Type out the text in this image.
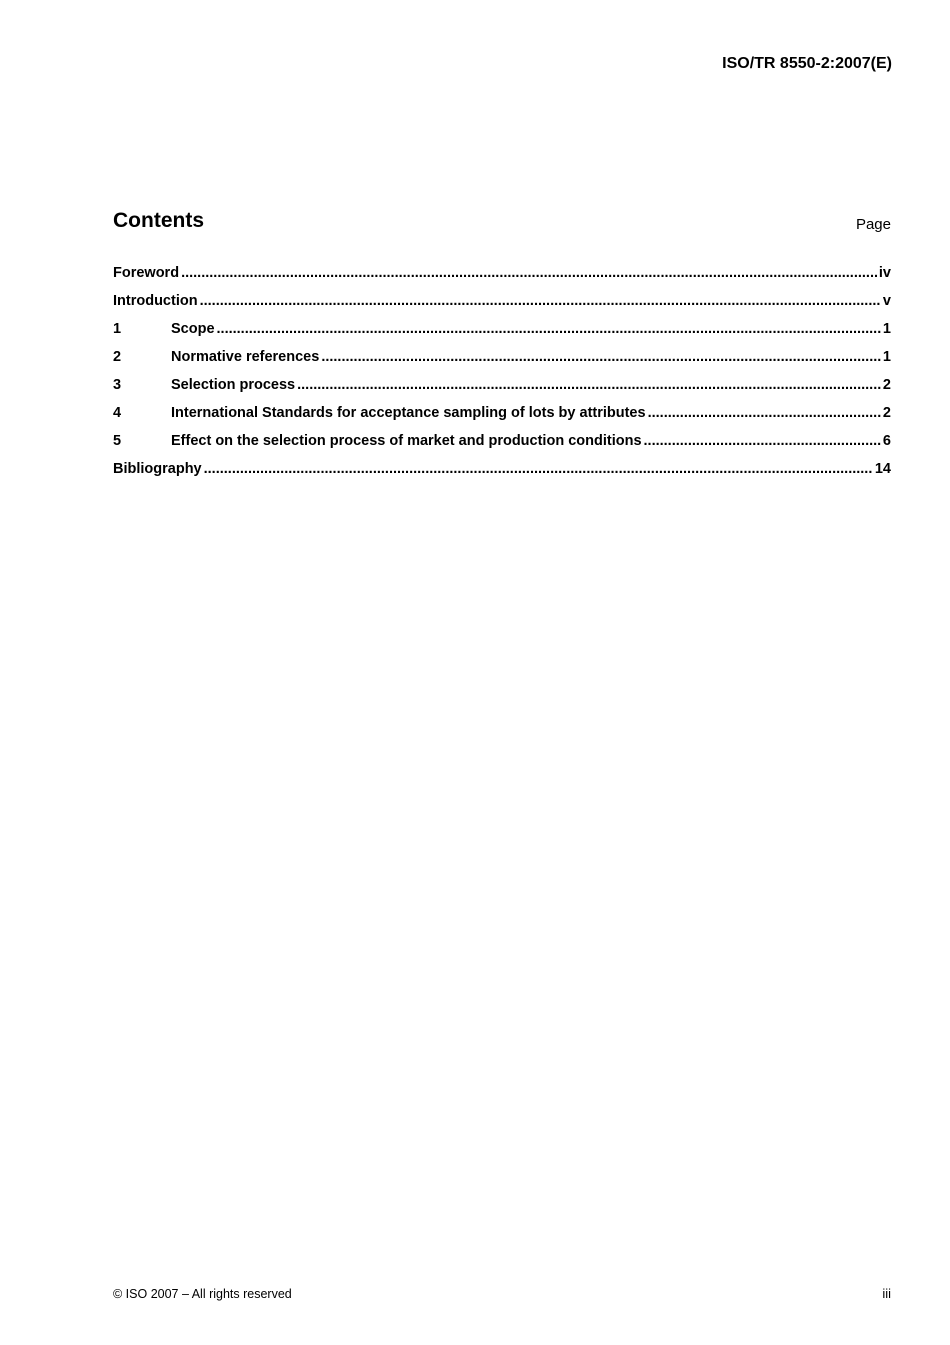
ISO/TR 8550-2:2007(E)
Contents	Page
Foreword .....	iv
Introduction .....	v
1	Scope .....	1
2	Normative references .....	1
3	Selection process .....	2
4	International Standards for acceptance sampling of lots by attributes .....	2
5	Effect on the selection process of market and production conditions .....	6
Bibliography .....	14
© ISO 2007 – All rights reserved	iii
